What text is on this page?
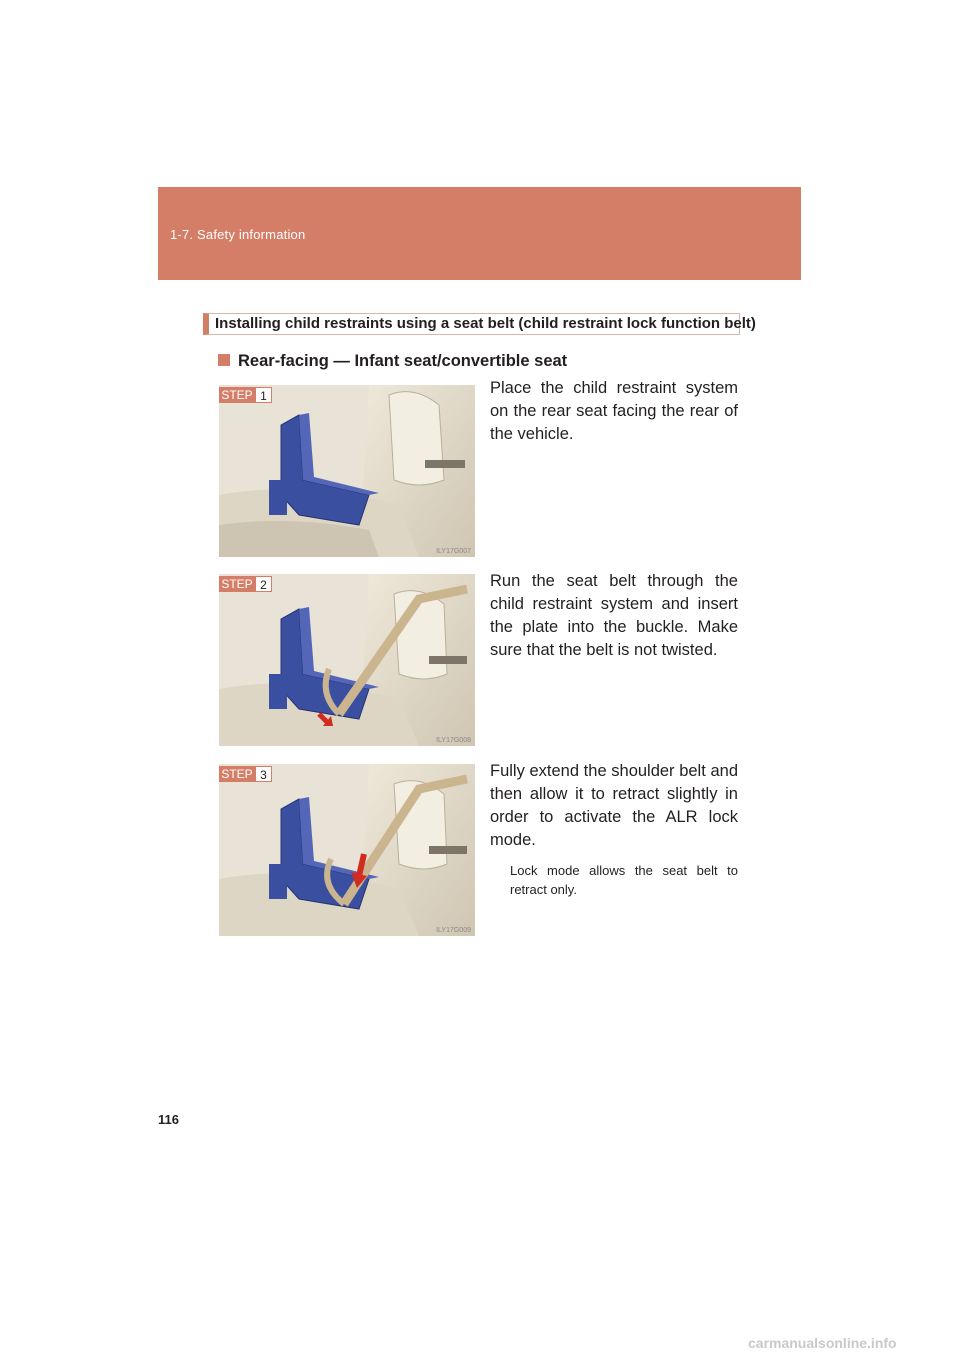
1-7. Safety information
Installing child restraints using a seat belt (child restraint lock function belt)
Rear-facing — Infant seat/convertible seat
STEP 1
ILY17G007
Place the child restraint system on the rear seat facing the rear of the vehicle.
STEP 2
ILY17G008
Run the seat belt through the child restraint system and insert the plate into the buckle. Make sure that the belt is not twisted.
STEP 3
ILY17G009
Fully extend the shoulder belt and then allow it to retract slightly in order to activate the ALR lock mode.
Lock mode allows the seat belt to retract only.
116
carmanualsonline.info
